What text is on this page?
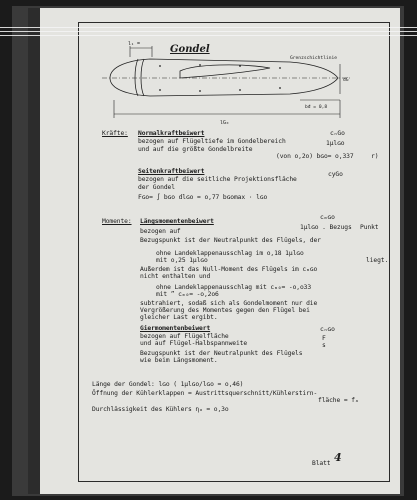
Gondel
l₁ =
Grenzschichtlinie
dG
bđ = 0,8
lG₀
Kräfte: Normalkraftbeiwert	cₙGo
bezogen auf Flügeltiefe im Gondelbereich	1μlɢo
und auf die größte Gondelbreite
(von o,2o) bɢo= o,337	r)
Seitenkraftbeiwert	cуGo
bezogen auf die seitliche Projektionsfläche
der Gondel
Fɢo= ∫ bɢo dlɢo = o,77 bɢomax · lɢo
Momente: Längsmomentenbeiwert
cₘɢo
bezogen auf
1μlɢo . Bezugs Punkt
Bezugspunkt ist der Neutralpunkt des Flügels, der
ohne Landeklappenausschlag im o,18 1μlɢo
mit o,25 1μlɢo	liegt.
Außerdem ist das Null-Moment des Flügels im cₘɢo
nicht enthalten und
ohne Landeklappenausschlag mit cₘ₀= -o,o33
mit ” cₘ₀= -o,2o6
subtrahiert, sodaß sich als Gondelmoment nur die
Vergrößerung des Momentes gegen den Flügel bei
gleicher Last ergibt.
Giermomentenbeiwert	cₙɢo
bezogen auf Flügelfläche	F
und auf Flügel-Halbspannweite	s
Bezugspunkt ist der Neutralpunkt des Flügels
wie beim Längsmoment.
Länge der Gondel: lɢo ( 1μlɢo/lɢo = o,46)
Öffnung der Kühlerklappen = Austrittsquerschnitt/Kühlerstirn-
fläche = fₐ
Durchlässigkeit des Kühlers ηₐ = o,3o
Blatt 4
